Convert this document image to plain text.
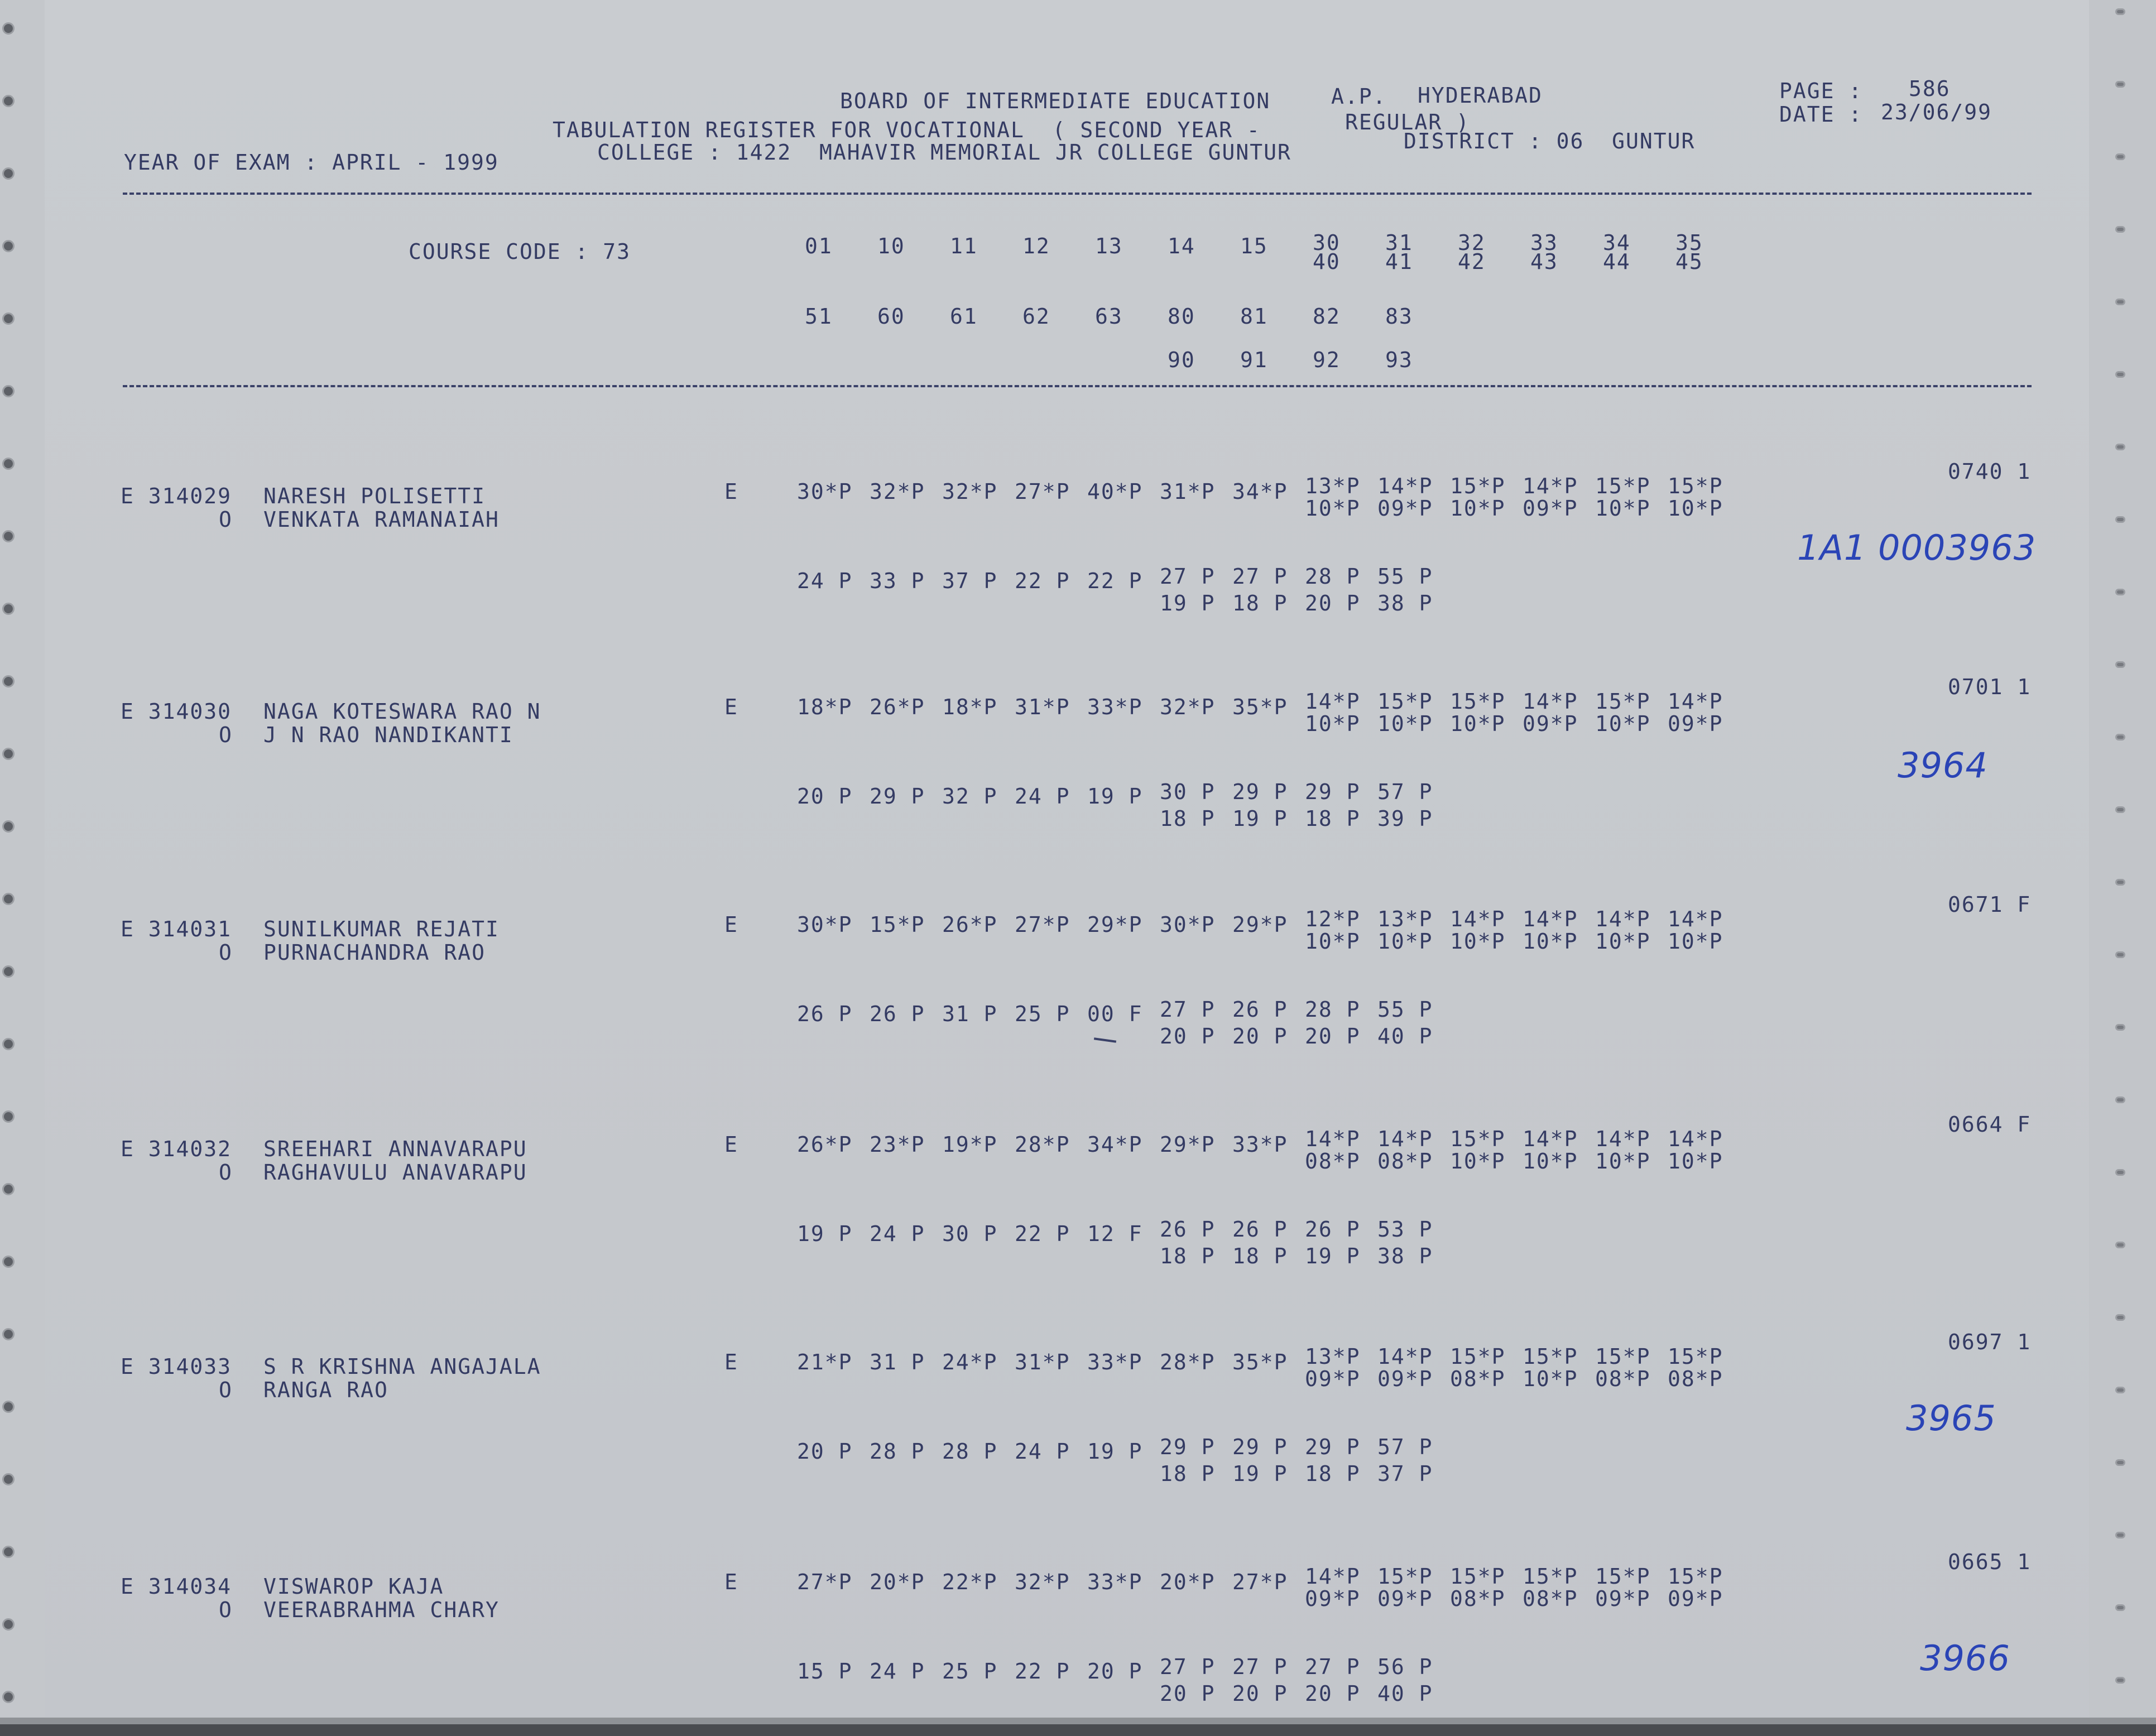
BOARD OF INTERMEDIATE EDUCATION	A.P. HYDERABAD
TABULATION REGISTER FOR VOCATIONAL  ( SECOND YEAR -	REGULAR )
YEAR OF EXAM : APRIL - 1999	COLLEGE : 1422  MAHAVIR MEMORIAL JR COLLEGE GUNTUR	DISTRICT : 06  GUNTUR
PAGE : 586
DATE : 23/06/99
COURSE CODE : 73	01 10 11 12 13 14 15 30 31 32 33 34 35
40 41 42 43 44 45
51 60 61 62 63 80 81 82 83
90 91 92 93
E 314029 NARESH POLISETTI
O VENKATA RAMANAIAH
E	30*P 32*P 32*P 27*P 40*P 31*P 34*P 13*P 14*P 15*P 14*P 15*P 15*P
10*P 09*P 10*P 09*P 10*P 10*P
24 P 33 P 37 P 22 P 22 P 27 P 27 P 28 P 55 P
19 P 18 P 20 P 38 P
0740 1
1A1 0003963
E 314030 NAGA KOTESWARA RAO N
O J N RAO NANDIKANTI
E	18*P 26*P 18*P 31*P 33*P 32*P 35*P 14*P 15*P 15*P 14*P 15*P 14*P
10*P 10*P 10*P 09*P 10*P 09*P
20 P 29 P 32 P 24 P 19 P 30 P 29 P 29 P 57 P
18 P 19 P 18 P 39 P
0701 1
3964
E 314031 SUNILKUMAR REJATI
O PURNACHANDRA RAO
E	30*P 15*P 26*P 27*P 29*P 30*P 29*P 12*P 13*P 14*P 14*P 14*P 14*P
10*P 10*P 10*P 10*P 10*P 10*P
26 P 26 P 31 P 25 P 00 F 27 P 26 P 28 P 55 P
20 P 20 P 20 P 40 P
0671 F
E 314032 SREEHARI ANNAVARAPU
O RAGHAVULU ANAVARAPU
E	26*P 23*P 19*P 28*P 34*P 29*P 33*P 14*P 14*P 15*P 14*P 14*P 14*P
08*P 08*P 10*P 10*P 10*P 10*P
19 P 24 P 30 P 22 P 12 F 26 P 26 P 26 P 53 P
18 P 18 P 19 P 38 P
0664 F
E 314033 S R KRISHNA ANGAJALA
O RANGA RAO
E	21*P 31 P 24*P 31*P 33*P 28*P 35*P 13*P 14*P 15*P 15*P 15*P 15*P
09*P 09*P 08*P 10*P 08*P 08*P
20 P 28 P 28 P 24 P 19 P 29 P 29 P 29 P 57 P
18 P 19 P 18 P 37 P
0697 1
3965
E 314034 VISWAROP KAJA
O VEERABRAHMA CHARY
E	27*P 20*P 22*P 32*P 33*P 20*P 27*P 14*P 15*P 15*P 15*P 15*P 15*P
09*P 09*P 08*P 08*P 09*P 09*P
15 P 24 P 25 P 22 P 20 P 27 P 27 P 27 P 56 P
20 P 20 P 20 P 40 P
0665 1
3966
